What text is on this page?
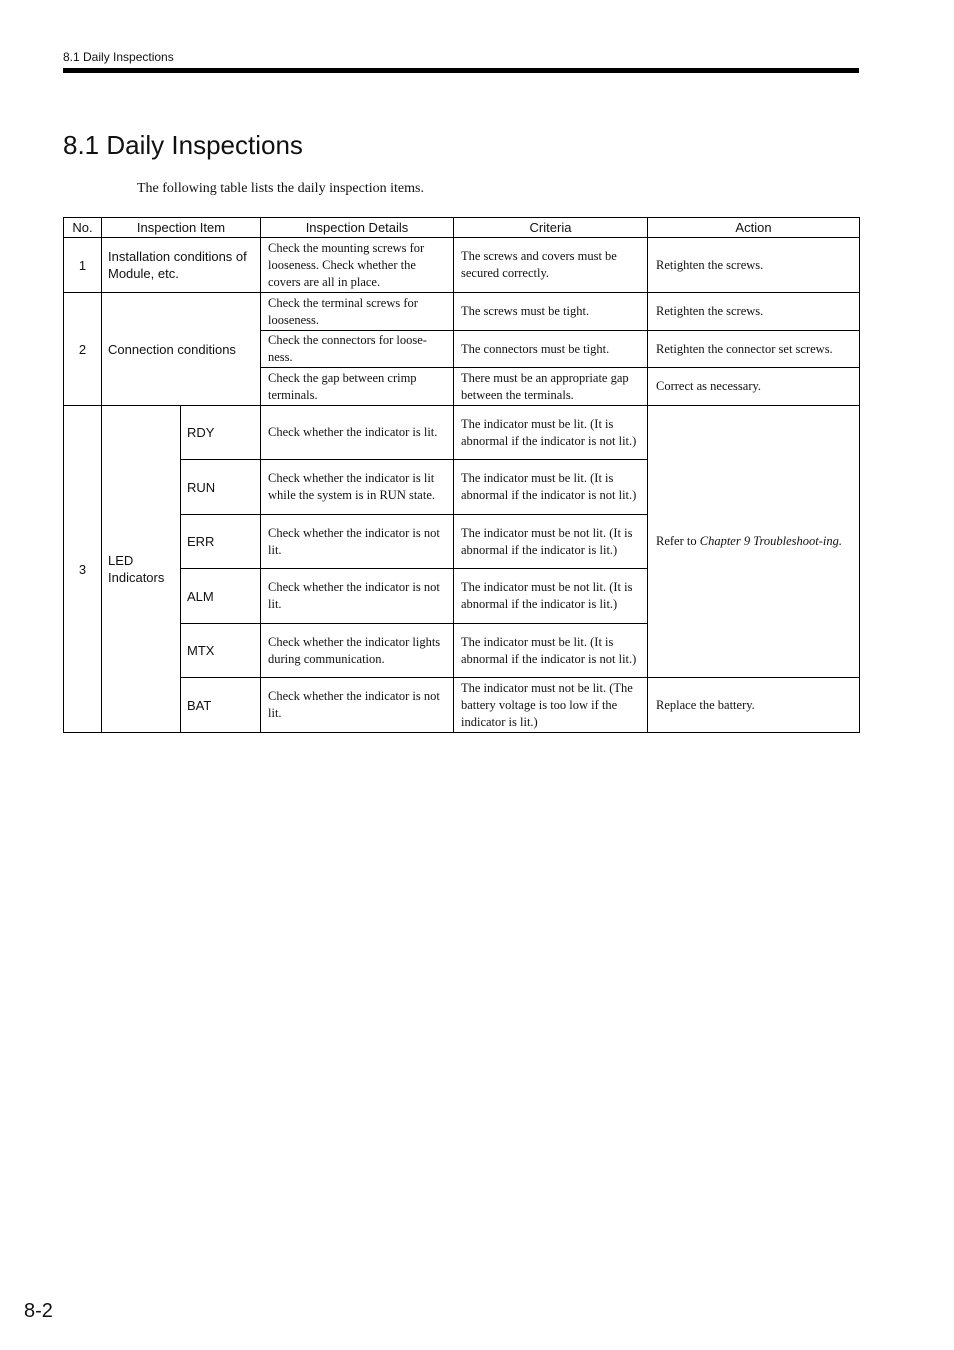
8.1 Daily Inspections
8.1 Daily Inspections
The following table lists the daily inspection items.
No.	Inspection Item		Inspection Details	Criteria	Action
1	Installation conditions of Module, etc.		Check the mounting screws for looseness. Check whether the covers are all in place.	The screws and covers must be secured correctly.	Retighten the screws.
2	Connection conditions		Check the terminal screws for looseness.	The screws must be tight.	Retighten the screws.
			Check the connectors for loose-ness.	The connectors must be tight.	Retighten the connector set screws.
			Check the gap between crimp terminals.	There must be an appropriate gap between the terminals.	Correct as necessary.
3	LED Indicators	RDY	Check whether the indicator is lit.	The indicator must be lit. (It is abnormal if the indicator is not lit.)	Refer to Chapter 9 Troubleshoot-ing.
		RUN	Check whether the indicator is lit while the system is in RUN state.	The indicator must be lit. (It is abnormal if the indicator is not lit.)	
		ERR	Check whether the indicator is not lit.	The indicator must be not lit. (It is abnormal if the indicator is lit.)	
		ALM	Check whether the indicator is not lit.	The indicator must be not lit. (It is abnormal if the indicator is lit.)	
		MTX	Check whether the indicator lights during communication.	The indicator must be lit. (It is abnormal if the indicator is not lit.)	
		BAT	Check whether the indicator is not lit.	The indicator must not be lit. (The battery voltage is too low if the indicator is lit.)	Replace the battery.
8-2
